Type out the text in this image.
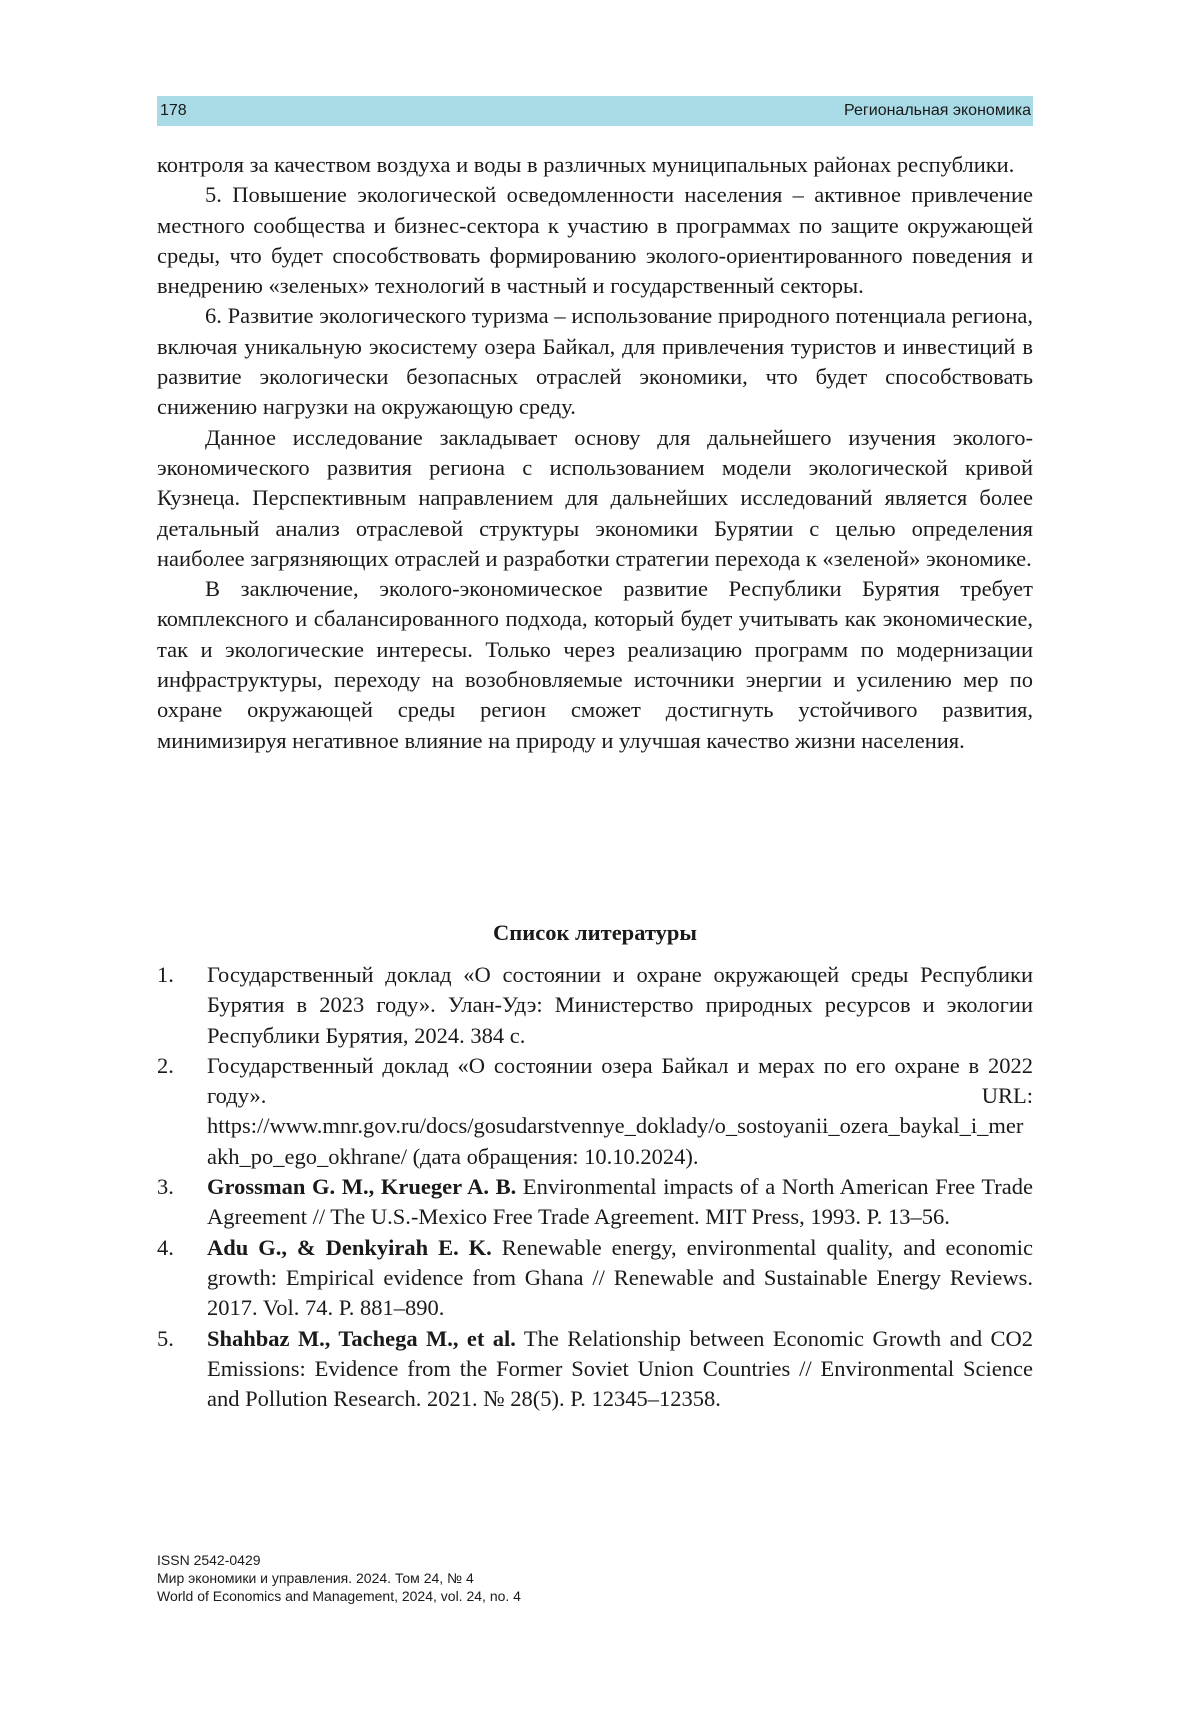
178	Региональная экономика

контроля за качеством воздуха и воды в различных муниципальных районах республики.

5. Повышение экологической осведомленности населения – активное привлечение местного сообщества и бизнес-сектора к участию в программах по защите окружающей среды, что будет способствовать формированию эколого-ориентированного поведения и внедрению «зеленых» технологий в частный и государственный секторы.

6. Развитие экологического туризма – использование природного потенциала региона, включая уникальную экосистему озера Байкал, для привлечения туристов и инвестиций в развитие экологически безопасных отраслей экономики, что будет способствовать снижению нагрузки на окружающую среду.

Данное исследование закладывает основу для дальнейшего изучения эколого-экономического развития региона с использованием модели экологической кривой Кузнеца. Перспективным направлением для дальнейших исследований является более детальный анализ отраслевой структуры экономики Бурятии с целью определения наиболее загрязняющих отраслей и разработки стратегии перехода к «зеленой» экономике.

В заключение, эколого-экономическое развитие Республики Бурятия требует комплексного и сбалансированного подхода, который будет учитывать как экономические, так и экологические интересы. Только через реализацию программ по модернизации инфраструктуры, переходу на возобновляемые источники энергии и усилению мер по охране окружающей среды регион сможет достигнуть устойчивого развития, минимизируя негативное влияние на природу и улучшая качество жизни населения.

Список литературы
1.	Государственный доклад «О состоянии и охране окружающей среды Республики Бурятия в 2023 году». Улан-Удэ: Министерство природных ресурсов и экологии Республики Бурятия, 2024. 384 с.
2.	Государственный доклад «О состоянии озера Байкал и мерах по его охране в 2022 году». URL: https://www.mnr.gov.ru/docs/gosudarstvennye_doklady/o_sostoyanii_ozera_baykal_i_merakh_po_ego_okhrane/ (дата обращения: 10.10.2024).
3.	Grossman G. M., Krueger A. B. Environmental impacts of a North American Free Trade Agreement // The U.S.-Mexico Free Trade Agreement. MIT Press, 1993. P. 13–56.
4.	Adu G., & Denkyirah E. K. Renewable energy, environmental quality, and economic growth: Empirical evidence from Ghana // Renewable and Sustainable Energy Reviews. 2017. Vol. 74. P. 881–890.
5.	Shahbaz M., Tachega M., et al. The Relationship between Economic Growth and CO2 Emissions: Evidence from the Former Soviet Union Countries // Environmental Science and Pollution Research. 2021. № 28(5). P. 12345–12358.
ISSN 2542-0429
Мир экономики и управления. 2024. Том 24, № 4
World of Economics and Management, 2024, vol. 24, no. 4
